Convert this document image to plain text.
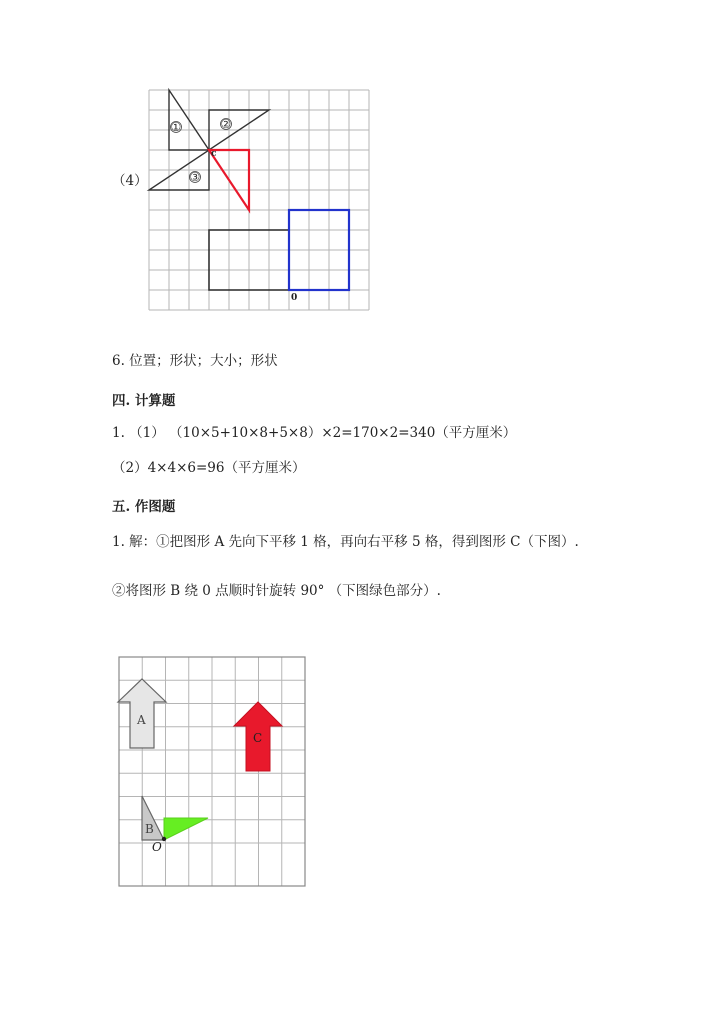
（4）
①	②
③
c
0
6. 位置；形状；大小；形状
四. 计算题
1. （1） （10×5+10×8+5×8）×2=170×2=340（平方厘米）
（2）4×4×6=96（平方厘米）
五. 作图题
1. 解：①把图形 A 先向下平移 1 格，再向右平移 5 格，得到图形 C（下图）.
②将图形 B 绕 0 点顺时针旋转 90° （下图绿色部分）.
A
C
B
O
